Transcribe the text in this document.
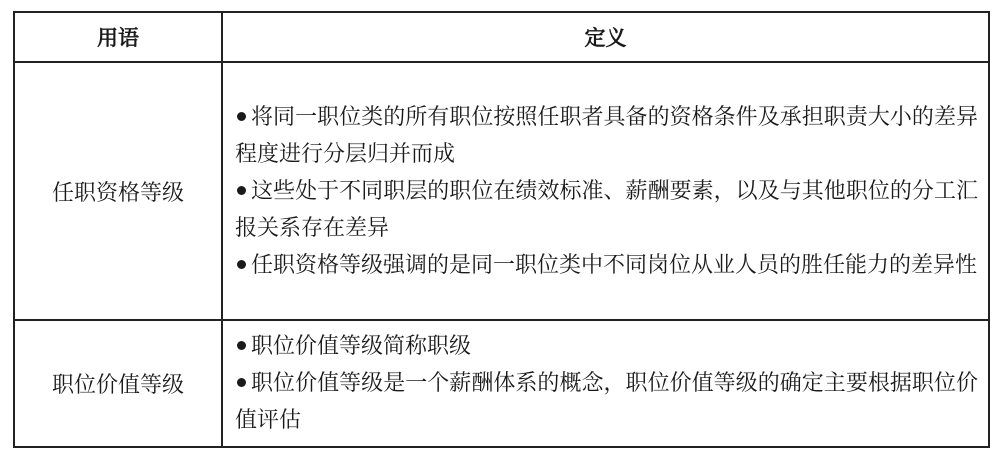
用语	定义
任职资格等级	将同一职位类的所有职位按照任职者具备的资格条件及承担职责大小的差异程度进行分层归并而成
这些处于不同职层的职位在绩效标准、薪酬要素，以及与其他职位的分工汇报关系存在差异
任职资格等级强调的是同一职位类中不同岗位从业人员的胜任能力的差异性

职位价值等级	职位价值等级简称职级
职位价值等级是一个薪酬体系的概念，职位价值等级的确定主要根据职位价值评估
